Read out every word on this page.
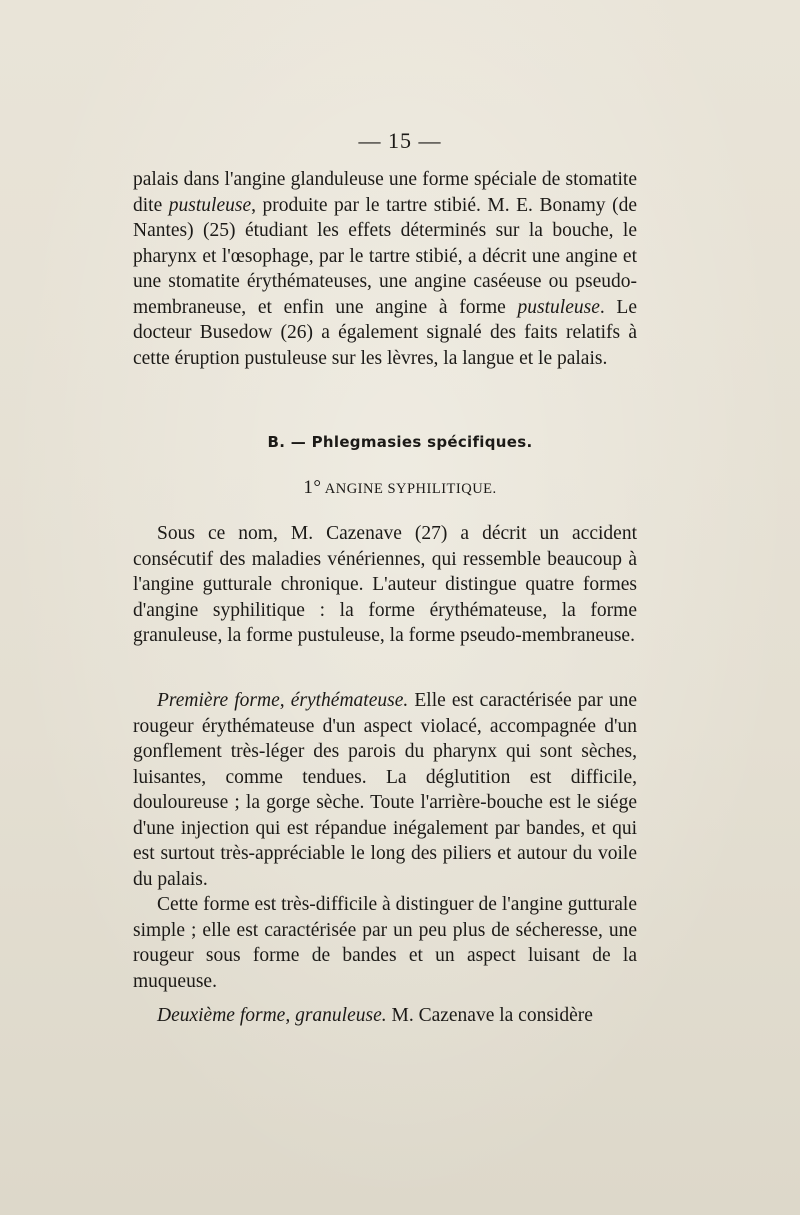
— 15 —

palais dans l'angine glanduleuse une forme spéciale de stomatite dite pustuleuse, produite par le tartre stibié. M. E. Bonamy (de Nantes) (25) étudiant les effets déterminés sur la bouche, le pharynx et l'œsophage, par le tartre stibié, a décrit une angine et une stomatite érythémateuses, une angine caséeuse ou pseudo-membraneuse, et enfin une angine à forme pustuleuse. Le docteur Busedow (26) a également signalé des faits relatifs à cette éruption pustuleuse sur les lèvres, la langue et le palais.

B. — Phlegmasies spécifiques.
1° ANGINE SYPHILITIQUE.

Sous ce nom, M. Cazenave (27) a décrit un accident consécutif des maladies vénériennes, qui ressemble beaucoup à l'angine gutturale chronique. L'auteur distingue quatre formes d'angine syphilitique : la forme érythémateuse, la forme granuleuse, la forme pustuleuse, la forme pseudo-membraneuse.

Première forme, érythémateuse. Elle est caractérisée par une rougeur érythémateuse d'un aspect violacé, accompagnée d'un gonflement très-léger des parois du pharynx qui sont sèches, luisantes, comme tendues. La déglutition est difficile, douloureuse ; la gorge sèche. Toute l'arrière-bouche est le siége d'une injection qui est répandue inégalement par bandes, et qui est surtout très-appréciable le long des piliers et autour du voile du palais.

Cette forme est très-difficile à distinguer de l'angine gutturale simple ; elle est caractérisée par un peu plus de sécheresse, une rougeur sous forme de bandes et un aspect luisant de la muqueuse.

Deuxième forme, granuleuse. M. Cazenave la considère
